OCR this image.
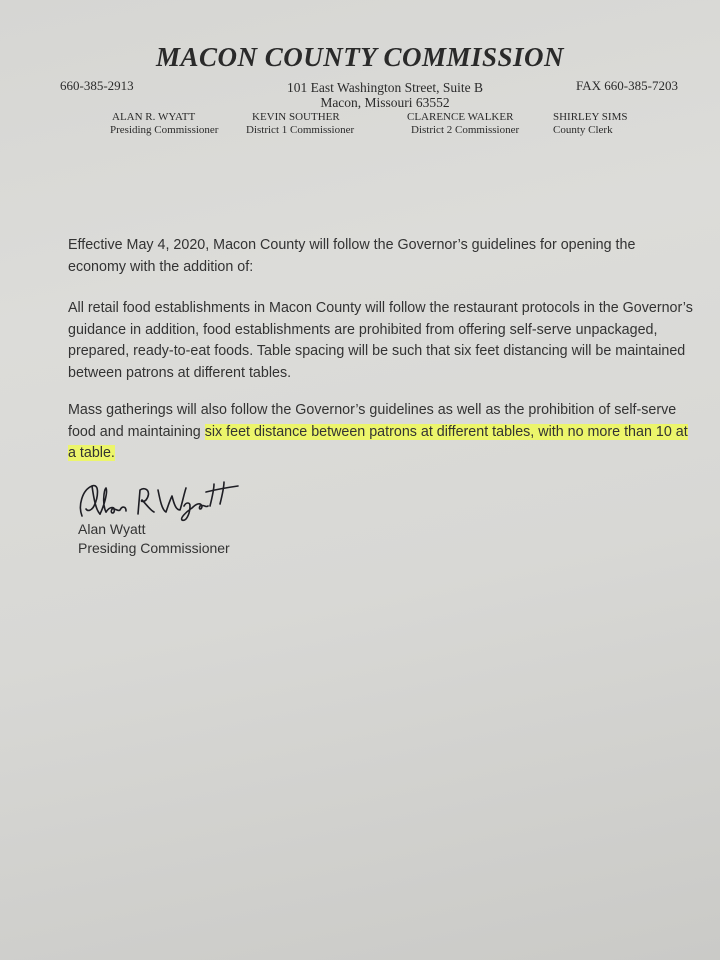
MACON COUNTY COMMISSION
660-385-2913	101 East Washington Street, Suite B
Macon, Missouri 63552
FAX 660-385-7203
ALAN R. WYATT
Presiding Commissioner
KEVIN SOUTHER
District 1 Commissioner
CLARENCE WALKER
District 2 Commissioner
SHIRLEY SIMS
County Clerk

Effective May 4, 2020, Macon County will follow the Governor’s guidelines for opening the economy with the addition of:

All retail food establishments in Macon County will follow the restaurant protocols in the Governor’s guidance in addition, food establishments are prohibited from offering self-serve unpackaged, prepared, ready-to-eat foods. Table spacing will be such that six feet distancing will be maintained between patrons at different tables.

Mass gatherings will also follow the Governor’s guidelines as well as the prohibition of self-serve food and maintaining six feet distance between patrons at different tables, with no more than 10 at a table.

Alan Wyatt
Presiding Commissioner
